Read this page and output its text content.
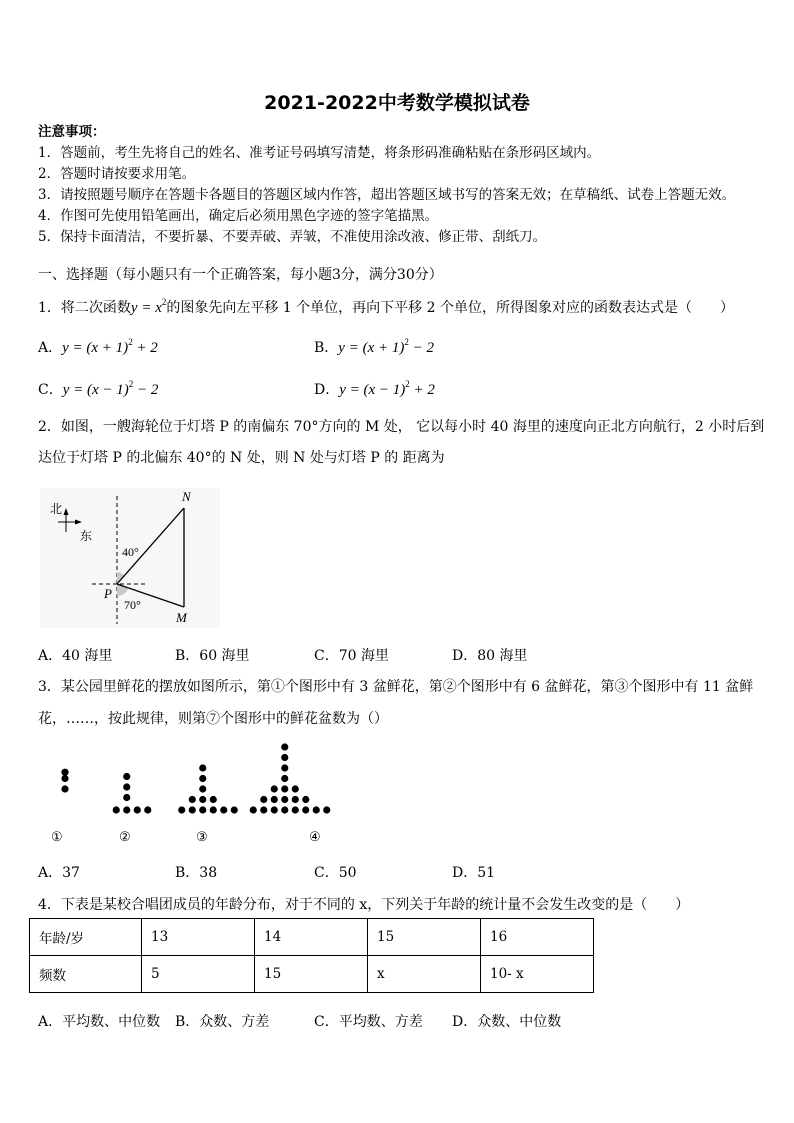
2021-2022中考数学模拟试卷
注意事项：
1．答题前，考生先将自己的姓名、准考证号码填写清楚，将条形码准确粘贴在条形码区域内。
2．答题时请按要求用笔。
3．请按照题号顺序在答题卡各题目的答题区域内作答，超出答题区域书写的答案无效；在草稿纸、试卷上答题无效。
4．作图可先使用铅笔画出，确定后必须用黑色字迹的签字笔描黑。
5．保持卡面清洁，不要折暴、不要弄破、弄皱，不准使用涂改液、修正带、刮纸刀。
一、选择题（每小题只有一个正确答案，每小题3分，满分30分）
1．将二次函数$y = x^2$的图象先向左平移 1 个单位，再向下平移 2 个单位，所得图象对应的函数表达式是（　　）
A．$y = (x + 1)^2 + 2$	B．$y = (x + 1)^2 - 2$
C．$y = (x - 1)^2 - 2$	D．$y = (x - 1)^2 + 2$
2．如图，一艘海轮位于灯塔 P 的南偏东 70°方向的 M 处， 它以每小时 40 海里的速度向正北方向航行，2 小时后到
达位于灯塔 P 的北偏东 40°的 N 处，则 N 处与灯塔 P 的 距离为
北
东
N
P
M
40°
70°
A．40 海里	B．60 海里	C．70 海里	D．80 海里
3．某公园里鲜花的摆放如图所示，第①个图形中有 3 盆鲜花，第②个图形中有 6 盆鲜花，第③个图形中有 11 盆鲜
花，……，按此规律，则第⑦个图形中的鲜花盆数为（）
①	②	③	④
A．37	B．38	C．50	D．51
4．下表是某校合唱团成员的年龄分布，对于不同的 x，下列关于年龄的统计量不会发生改变的是（　　）
年龄/岁	13	14	15	16
频数	5	15	x	10- x
A．平均数、中位数 B．众数、方差	C．平均数、方差 D．众数、中位数
